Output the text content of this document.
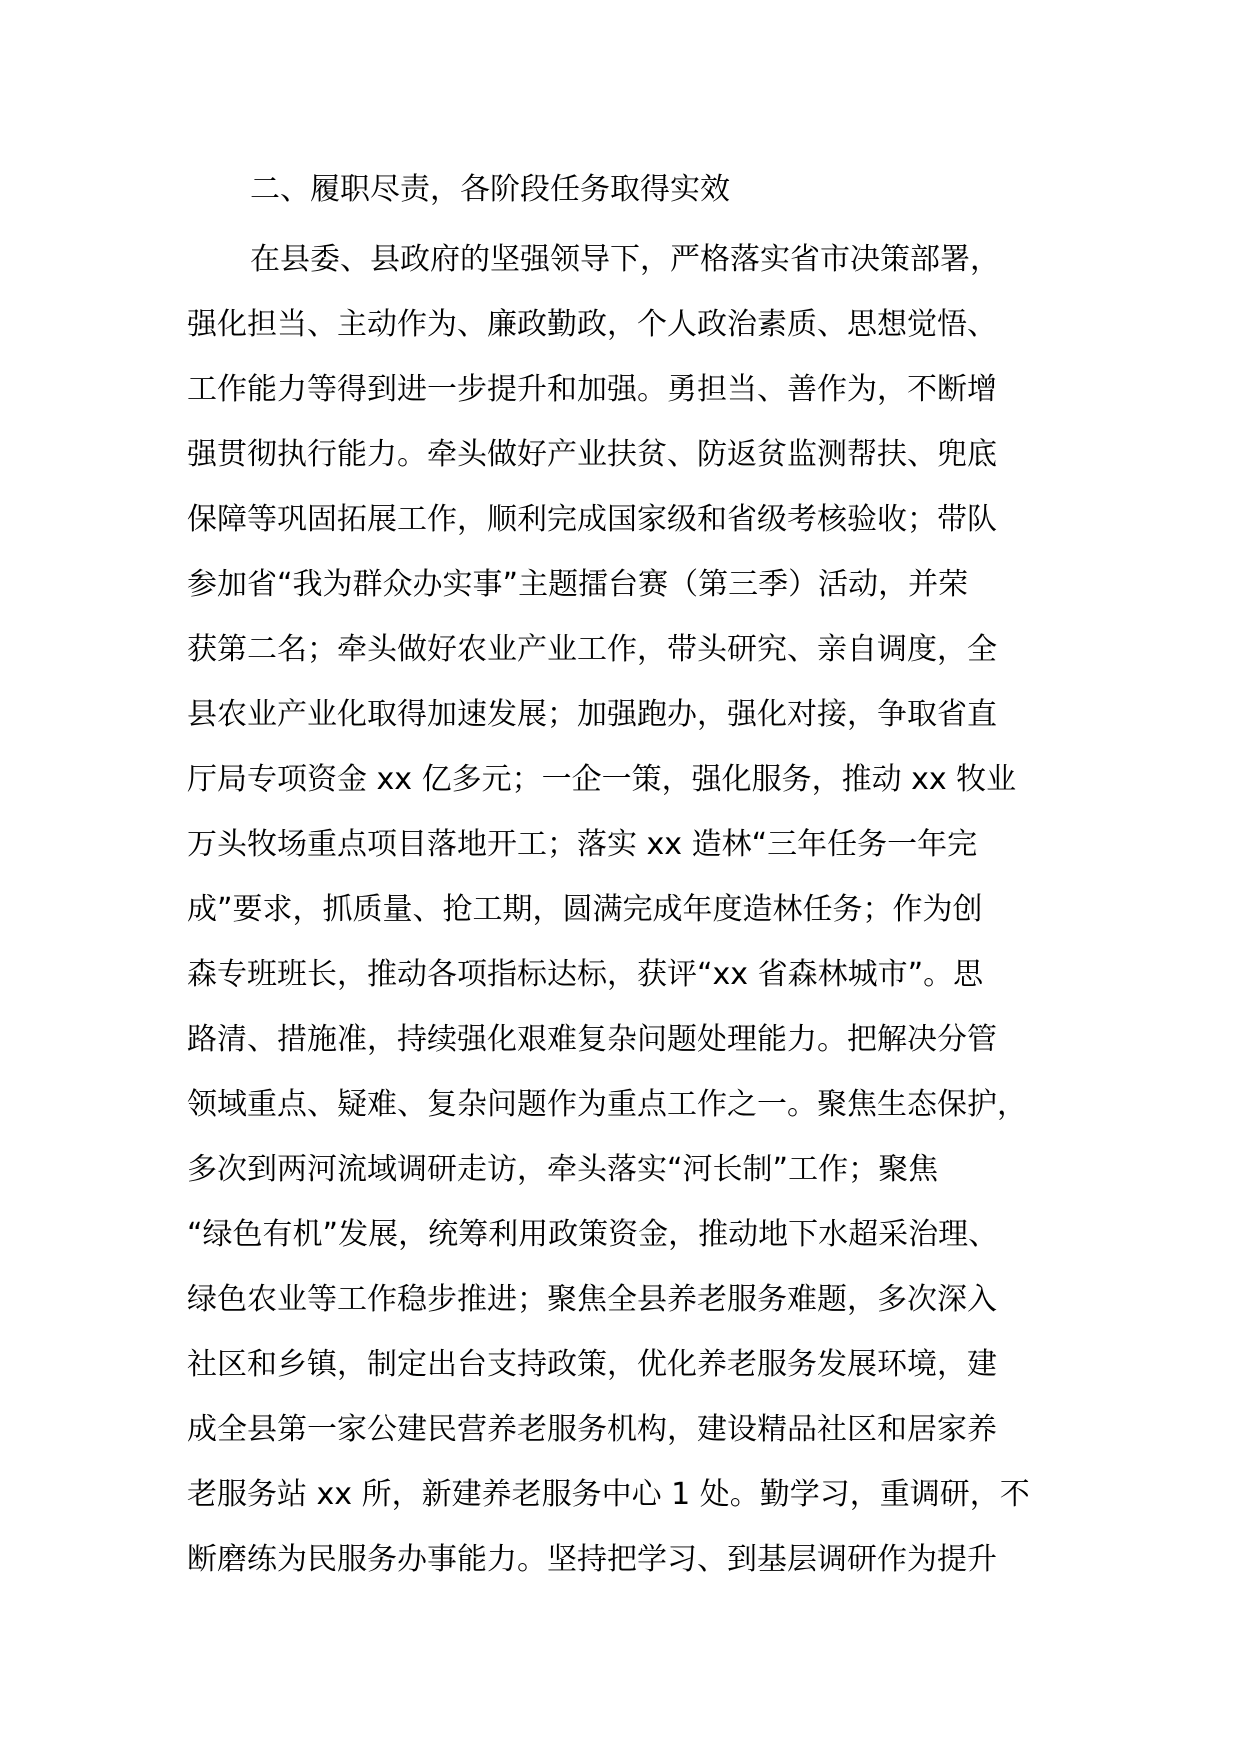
二、履职尽责，各阶段任务取得实效
在县委、县政府的坚强领导下，严格落实省市决策部署，
强化担当、主动作为、廉政勤政，个人政治素质、思想觉悟、
工作能力等得到进一步提升和加强。勇担当、善作为，不断增
强贯彻执行能力。牵头做好产业扶贫、防返贫监测帮扶、兜底
保障等巩固拓展工作，顺利完成国家级和省级考核验收；带队
参加省“我为群众办实事”主题擂台赛（第三季）活动，并荣
获第二名；牵头做好农业产业工作，带头研究、亲自调度，全
县农业产业化取得加速发展；加强跑办，强化对接，争取省直
厅局专项资金 xx 亿多元；一企一策，强化服务，推动 xx 牧业
万头牧场重点项目落地开工；落实 xx 造林“三年任务一年完
成”要求，抓质量、抢工期，圆满完成年度造林任务；作为创
森专班班长，推动各项指标达标，获评“xx 省森林城市”。思
路清、措施准，持续强化艰难复杂问题处理能力。把解决分管
领域重点、疑难、复杂问题作为重点工作之一。聚焦生态保护，
多次到两河流域调研走访，牵头落实“河长制”工作；聚焦
“绿色有机”发展，统筹利用政策资金，推动地下水超采治理、
绿色农业等工作稳步推进；聚焦全县养老服务难题，多次深入
社区和乡镇，制定出台支持政策，优化养老服务发展环境，建
成全县第一家公建民营养老服务机构，建设精品社区和居家养
老服务站 xx 所，新建养老服务中心 1 处。勤学习，重调研，不
断磨练为民服务办事能力。坚持把学习、到基层调研作为提升
